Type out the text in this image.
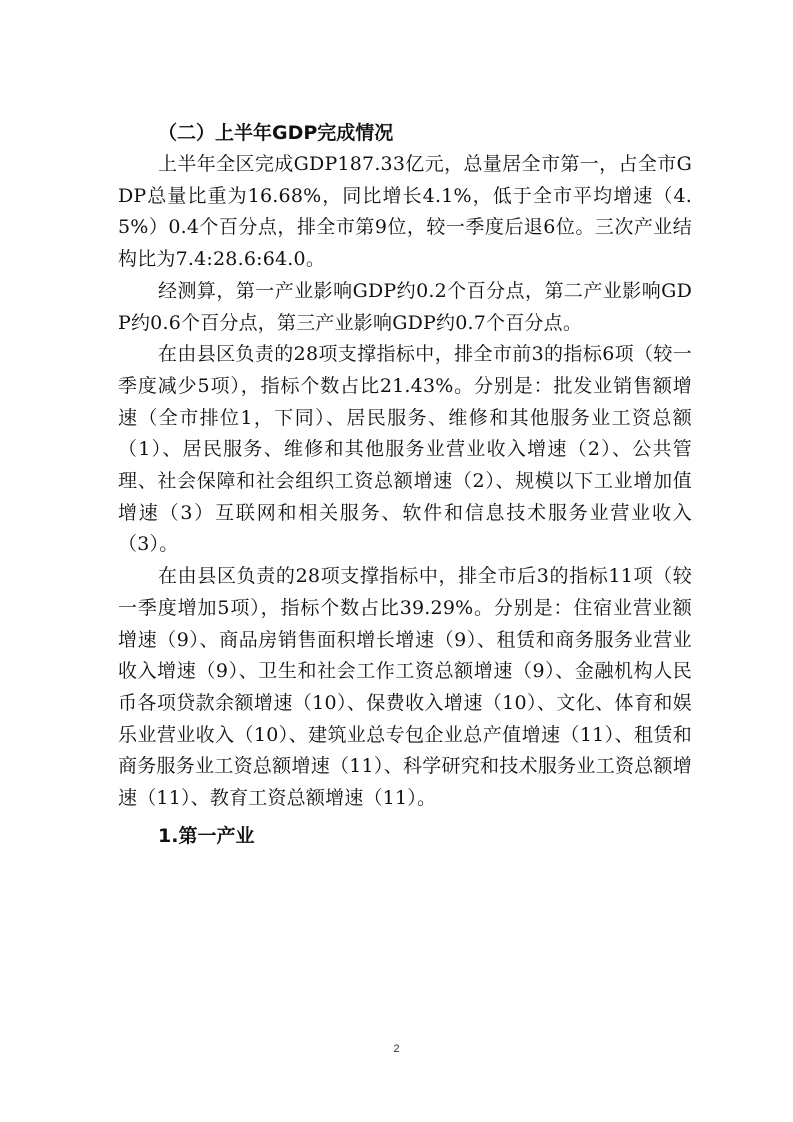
（二）上半年GDP完成情况

上半年全区完成GDP187.33亿元，总量居全市第一，占全市GDP总量比重为16.68%，同比增长4.1%，低于全市平均增速（4.5%）0.4个百分点，排全市第9位，较一季度后退6位。三次产业结构比为7.4:28.6:64.0。

经测算，第一产业影响GDP约0.2个百分点，第二产业影响GDP约0.6个百分点，第三产业影响GDP约0.7个百分点。

在由县区负责的28项支撑指标中，排全市前3的指标6项（较一季度减少5项），指标个数占比21.43%。分别是：批发业销售额增速（全市排位1，下同）、居民服务、维修和其他服务业工资总额（1）、居民服务、维修和其他服务业营业收入增速（2）、公共管理、社会保障和社会组织工资总额增速（2）、规模以下工业增加值增速（3）互联网和相关服务、软件和信息技术服务业营业收入（3）。

在由县区负责的28项支撑指标中，排全市后3的指标11项（较一季度增加5项），指标个数占比39.29%。分别是：住宿业营业额增速（9）、商品房销售面积增长增速（9）、租赁和商务服务业营业收入增速（9）、卫生和社会工作工资总额增速（9）、金融机构人民币各项贷款余额增速（10）、保费收入增速（10）、文化、体育和娱乐业营业收入（10）、建筑业总专包企业总产值增速（11）、租赁和商务服务业工资总额增速（11）、科学研究和技术服务业工资总额增速（11）、教育工资总额增速（11）。

1.第一产业
2
